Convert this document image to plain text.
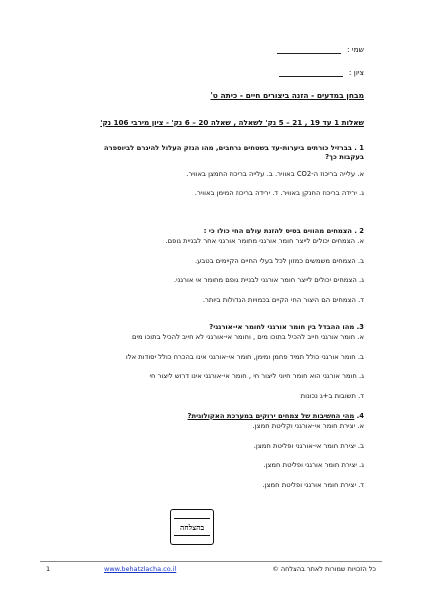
שמי :
ציון :
מבחן במדעים - הזנה ביצורים חיים - כיתה ט'
שאלות 1 עד 19 , 21 – 5 נק' לשאלה , שאלה 20 – 6 נק' - ציון מירבי 106 נק'
1 . בברזיל כורתים ביערות-עד בשטחים נרחבים, מהו הנזק העלול להיגרם לביוספרה
בעקבות כך?
א. עלייה בריכוז ה-CO2 באוויר. ב. עלייה בריכוז החמצן באוויר.
ג. ירידה בריכוז החנקן באוויר. ד. ירידה בריכוז המימן באוויר.
2 . הצמחים מהווים בסיס להזנת עולם החי כולו כי :
א. הצמחים יכולים לייצר חומר אורגני מחומר אורגני אחר לבניית גופם.
ב. הצמחים משמשים כמזון לכל בעלי החיים הקיימים בטבע.
ג. הצמחים יכולים לייצר חומר אורגני לבניית גופם מחומר אי אורגני.
ד. הצמחים הם היצור החי הקיים בכמויות הגדולות ביותר.
3. מהו ההבדל בין חומר אורגני לחומר אי-אורגני?
א. חומר אורגני חייב להכיל בתוכו מים , וחומר אי-אורגני לא חייב להכיל בתוכו מים
ב. חומר אורגני כולל תמיד פחמן ומימן, חומר אי-אורגני אינו בהכרח כולל יסודות אלו
ג. חומר אורגני הוא חומר חיוני ליצור חי , חומר אי-אורגני אינו דרוש ליצור חי
ד. תשובות ב+ג נכונות
4. מהי החשיבות של צמחים ירוקים במערכת האקולוגית?
א. יצירת חומר אי-אורגני וקליטת חמצן.
ב. יצירת חומר אי-אורגני ופליטת חמצן.
ג. יצירת חומר אורגני ופליטת חמצן.
ד. יצירת חומר אורגני ופליטת חמצן.
בהצלחה
1	www.behatzlacha.co.il	כל הזכויות שמורות לאתר בהצלחה ©
